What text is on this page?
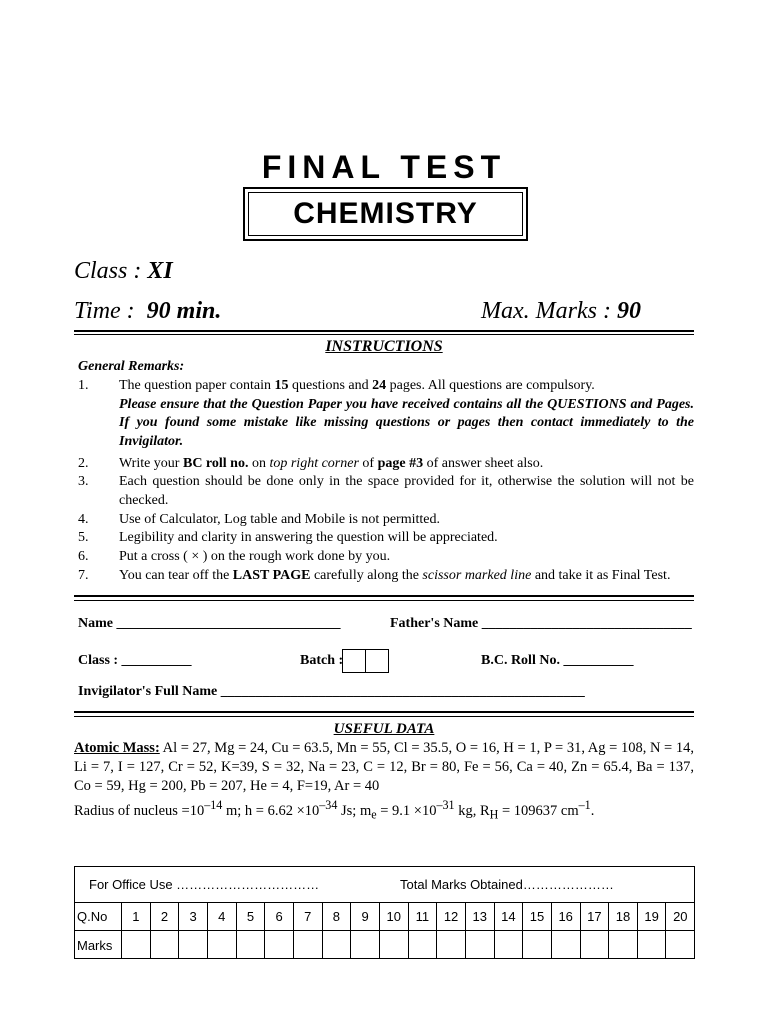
FINAL TEST
CHEMISTRY
Class : XI
Time : 90 min.	Max. Marks : 90
INSTRUCTIONS
General Remarks:
1. The question paper contain 15 questions and 24 pages. All questions are compulsory.
Please ensure that the Question Paper you have received contains all the QUESTIONS and Pages. If you found some mistake like missing questions or pages then contact immediately to the Invigilator.
2. Write your BC roll no. on top right corner of page #3 of answer sheet also.
3. Each question should be done only in the space provided for it, otherwise the solution will not be checked.
4. Use of Calculator, Log table and Mobile is not permitted.
5. Legibility and clarity in answering the question will be appreciated.
6. Put a cross ( × ) on the rough work done by you.
7. You can tear off the LAST PAGE carefully along the scissor marked line and take it as Final Test.
Name ________________________________	Father's Name ______________________________
Class : __________	Batch :	B.C. Roll No. __________
Invigilator's Full Name ____________________________________________________
USEFUL DATA
Atomic Mass: Al = 27, Mg = 24, Cu = 63.5, Mn = 55, Cl = 35.5, O = 16, H = 1, P = 31, Ag = 108, N = 14, Li = 7, I = 127, Cr = 52, K=39, S = 32, Na = 23, C = 12, Br = 80, Fe = 56, Ca = 40, Zn = 65.4, Ba = 137, Co = 59, Hg = 200, Pb = 207, He = 4, F=19, Ar = 40
Radius of nucleus $=10^{-14}$ m; $h = 6.62 \times 10^{-34}$ Js; $m_e = 9.1 \times 10^{-31}$ kg, $R_H = 109637$ $cm^{-1}$.
For Office Use ……………………………	Total Marks Obtained…………………
Q.No	1	2	3	4	5	6	7	8	9	10	11	12	13	14	15	16	17	18	19	20
Marks
